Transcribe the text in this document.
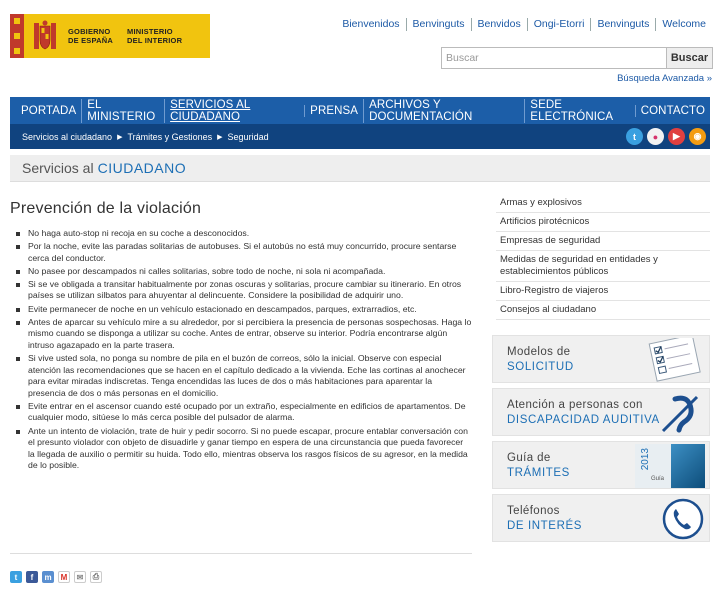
GOBIERNO
DE ESPAÑA
MINISTERIO
DEL INTERIOR
Bienvenidos	Benvinguts	Benvidos	Ongi-Etorri	Benvinguts	Welcome
Buscar	Buscar
Búsqueda Avanzada »
PORTADA EL MINISTERIO
SERVICIOS AL CIUDADANO	PRENSA ARCHIVOS Y DOCUMENTACIÓN
SEDE ELECTRÓNICA	CONTACTO
Servicios al ciudadano ▶ Trámites y Gestiones ▶ Seguridad	t	●	▶	◉
Servicios al CIUDADANO
Prevención de la violación
No haga auto-stop ni recoja en su coche a desconocidos.
Por la noche, evite las paradas solitarias de autobuses. Si el autobús no está muy concurrido, procure sentarse cerca del conductor.
No pasee por descampados ni calles solitarias, sobre todo de noche, ni sola ni acompañada.
Si se ve obligada a transitar habitualmente por zonas oscuras y solitarias, procure cambiar su itinerario. En otros países se utilizan silbatos para ahuyentar al delincuente. Considere la posibilidad de adquirir uno.
Evite permanecer de noche en un vehículo estacionado en descampados, parques, extrarradios, etc.
Antes de aparcar su vehículo mire a su alrededor, por si percibiera la presencia de personas sospechosas. Haga lo mismo cuando se disponga a utilizar su coche. Antes de entrar, observe su interior. Podría encontrarse algún intruso agazapado en la parte trasera.
Si vive usted sola, no ponga su nombre de pila en el buzón de correos, sólo la inicial. Observe con especial atención las recomendaciones que se hacen en el capítulo dedicado a la vivienda. Eche las cortinas al anochecer para evitar miradas indiscretas. Tenga encendidas las luces de dos o más habitaciones para aparentar la presencia de dos o más personas en el domicilio.
Evite entrar en el ascensor cuando esté ocupado por un extraño, especialmente en edificios de apartamentos. De cualquier modo, sitúese lo más cerca posible del pulsador de alarma.
Ante un intento de violación, trate de huir y pedir socorro. Si no puede escapar, procure entablar conversación con el presunto violador con objeto de disuadirle y ganar tiempo en espera de una circunstancia que pueda favorecer la llegada de auxilio o permitir su huida. Todo ello, mientras observa los rasgos físicos de su agresor, en la medida de lo posible.
t	f	m	M	✉	⎙
Armas y explosivos
Artificios pirotécnicos
Empresas de seguridad
Medidas de seguridad en entidades y establecimientos públicos
Libro-Registro de viajeros
Consejos al ciudadano
Modelos de
SOLICITUD
Atención a personas con
DISCAPACIDAD AUDITIVA
Guía de
TRÁMITES
2013
Guía
Teléfonos
DE INTERÉS
